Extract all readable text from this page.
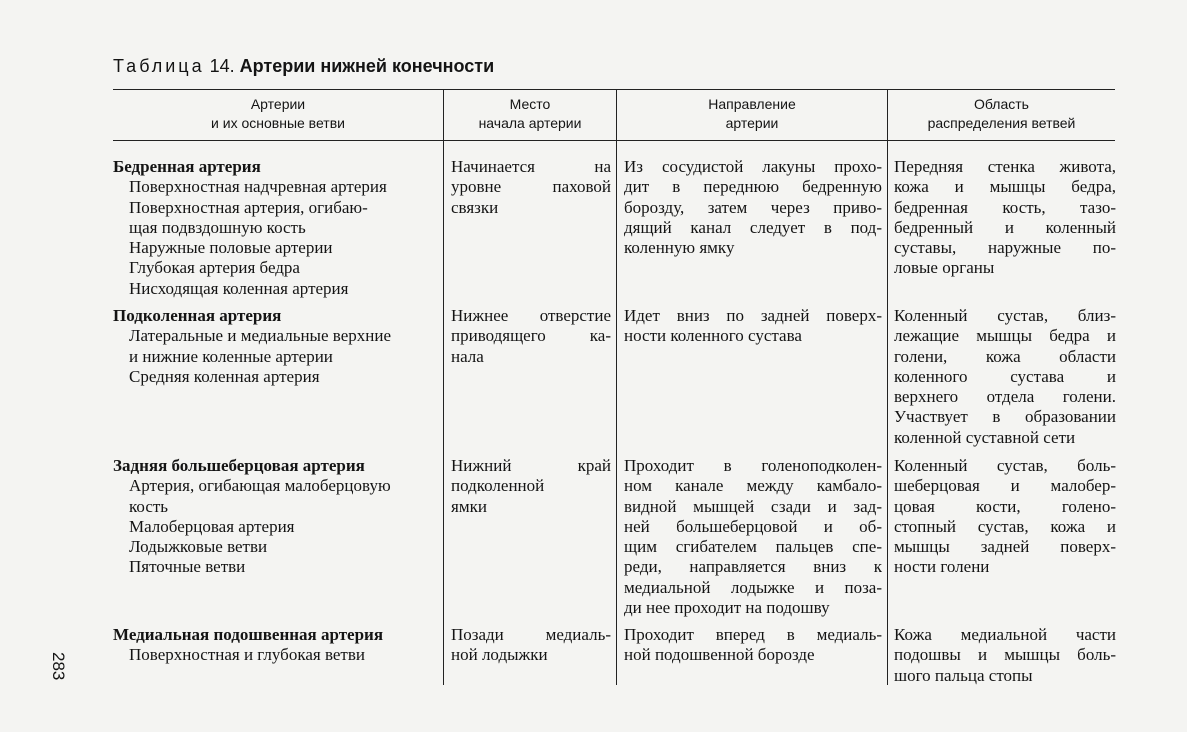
Таблица 14. Артерии нижней конечности
Артерии
и их основные ветви
Место
начала артерии
Направление
артерии
Область
распределения ветвей
Бедренная артерия
Поверхностная надчревная артерия
Поверхностная артерия, огибаю-
щая подвздошную кость
Наружные половые артерии
Глубокая артерия бедра
Нисходящая коленная артерия
Начинается на
уровне паховой
связки
Из сосудистой лакуны прохо-
дит в переднюю бедренную
борозду, затем через приво-
дящий канал следует в под-
коленную ямку
Передняя стенка живота,
кожа и мышцы бедра,
бедренная кость, тазо-
бедренный и коленный
суставы, наружные по-
ловые органы
Подколенная артерия
Латеральные и медиальные верхние
и нижние коленные артерии
Средняя коленная артерия
Нижнее отверстие
приводящего ка-
нала
Идет вниз по задней поверх-
ности коленного сустава
Коленный сустав, близ-
лежащие мышцы бедра и
голени, кожа области
коленного сустава и
верхнего отдела голени.
Участвует в образовании
коленной суставной сети
Задняя большеберцовая артерия
Артерия, огибающая малоберцовую
кость
Малоберцовая артерия
Лодыжковые ветви
Пяточные ветви
Нижний край
подколенной
ямки
Проходит в голеноподколен-
ном канале между камбало-
видной мышцей сзади и зад-
ней большеберцовой и об-
щим сгибателем пальцев спе-
реди, направляется вниз к
медиальной лодыжке и поза-
ди нее проходит на подошву
Коленный сустав, боль-
шеберцовая и малобер-
цовая кости, голено-
стопный сустав, кожа и
мышцы задней поверх-
ности голени
Медиальная подошвенная артерия
Поверхностная и глубокая ветви
Позади медиаль-
ной лодыжки
Проходит вперед в медиаль-
ной подошвенной борозде
Кожа медиальной части
подошвы и мышцы боль-
шого пальца стопы
283
